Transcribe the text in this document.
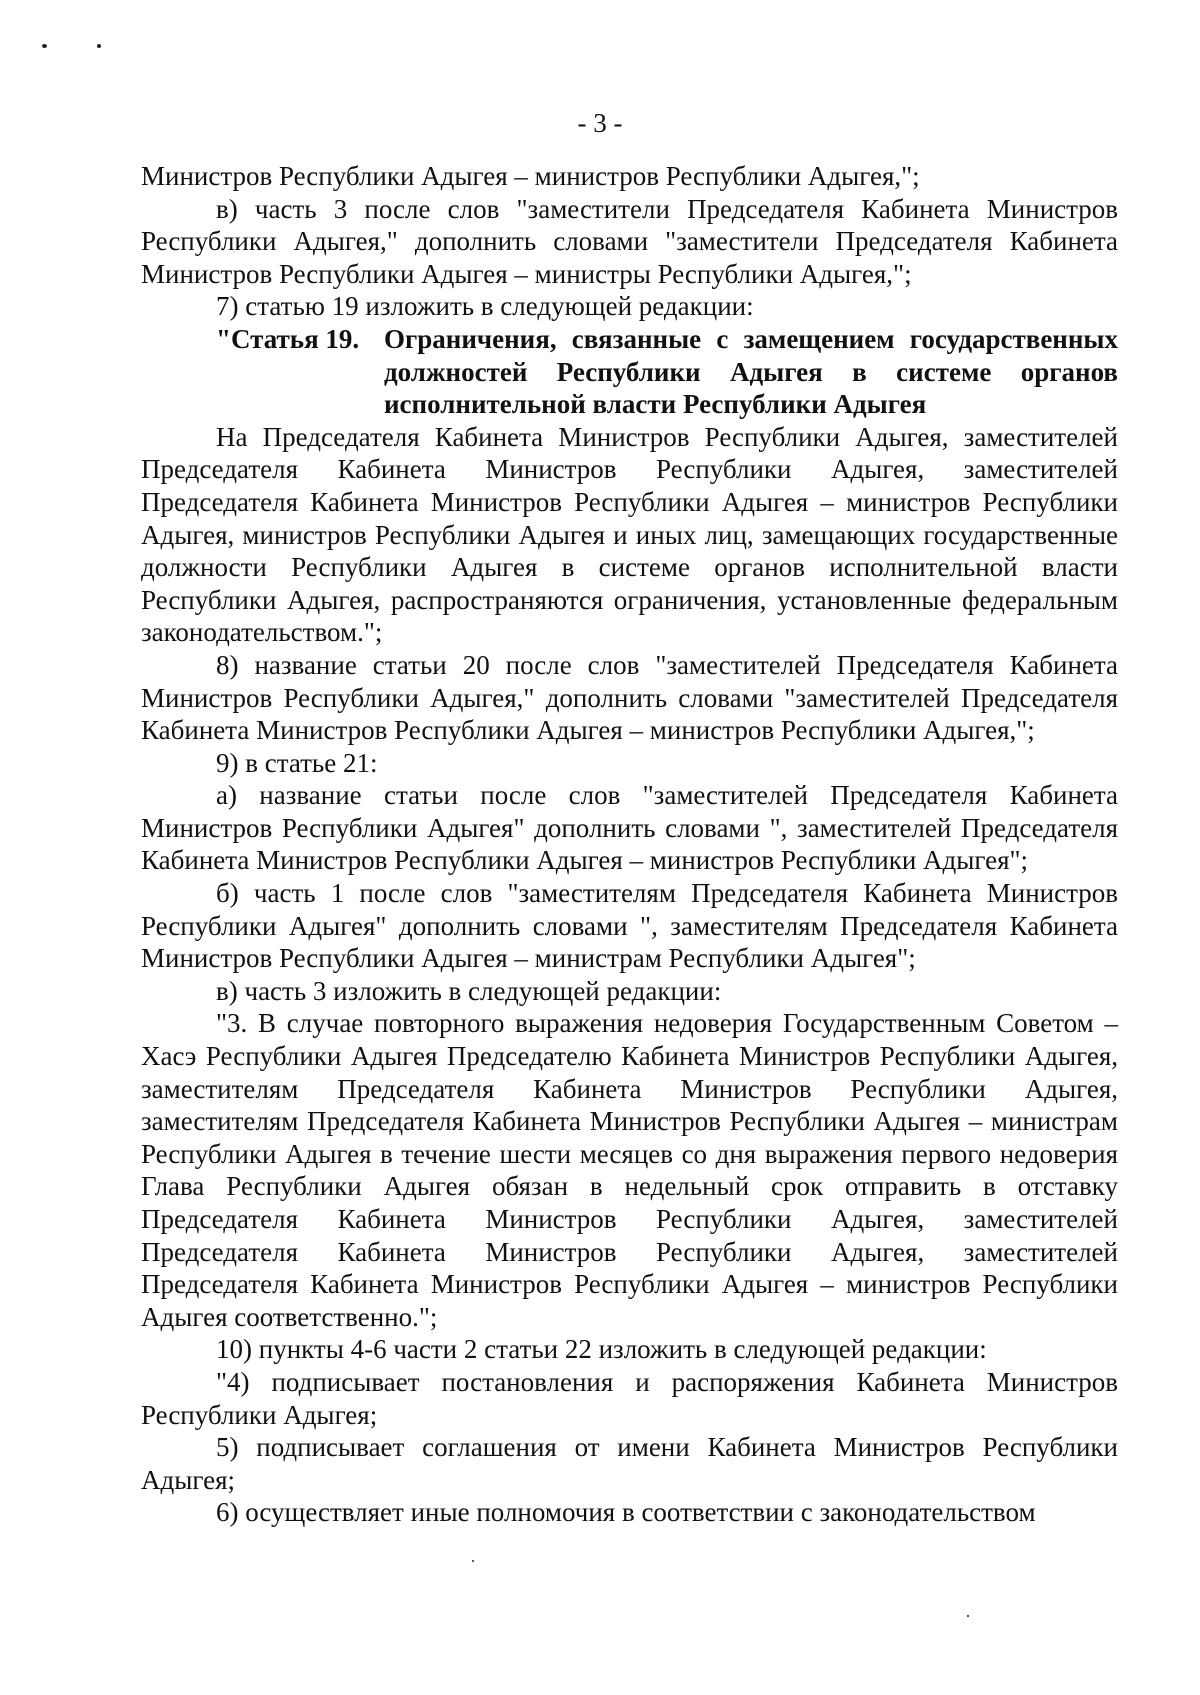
- 3 -

Министров Республики Адыгея – министров Республики Адыгея,";

в) часть 3 после слов "заместители Председателя Кабинета Министров Республики Адыгея," дополнить словами "заместители Председателя Кабинета Министров Республики Адыгея – министры Республики Адыгея,";

7) статью 19 изложить в следующей редакции:

"Статья 19. Ограничения, связанные с замещением государственных должностей Республики Адыгея в системе органов исполнительной власти Республики Адыгея

На Председателя Кабинета Министров Республики Адыгея, заместителей Председателя Кабинета Министров Республики Адыгея, заместителей Председателя Кабинета Министров Республики Адыгея – министров Республики Адыгея, министров Республики Адыгея и иных лиц, замещающих государственные должности Республики Адыгея в системе органов исполнительной власти Республики Адыгея, распространяются ограничения, установленные федеральным законодательством.";

8) название статьи 20 после слов "заместителей Председателя Кабинета Министров Республики Адыгея," дополнить словами "заместителей Председателя Кабинета Министров Республики Адыгея – министров Республики Адыгея,";

9) в статье 21:

а) название статьи после слов "заместителей Председателя Кабинета Министров Республики Адыгея" дополнить словами ", заместителей Председателя Кабинета Министров Республики Адыгея – министров Республики Адыгея";

б) часть 1 после слов "заместителям Председателя Кабинета Министров Республики Адыгея" дополнить словами ", заместителям Председателя Кабинета Министров Республики Адыгея – министрам Республики Адыгея";

в) часть 3 изложить в следующей редакции:

"3. В случае повторного выражения недоверия Государственным Советом – Хасэ Республики Адыгея Председателю Кабинета Министров Республики Адыгея, заместителям Председателя Кабинета Министров Республики Адыгея, заместителям Председателя Кабинета Министров Республики Адыгея – министрам Республики Адыгея в течение шести месяцев со дня выражения первого недоверия Глава Республики Адыгея обязан в недельный срок отправить в отставку Председателя Кабинета Министров Республики Адыгея, заместителей Председателя Кабинета Министров Республики Адыгея, заместителей Председателя Кабинета Министров Республики Адыгея – министров Республики Адыгея соответственно.";

10) пункты 4-6 части 2 статьи 22 изложить в следующей редакции:

"4) подписывает постановления и распоряжения Кабинета Министров Республики Адыгея;

5) подписывает соглашения от имени Кабинета Министров Республики Адыгея;

6) осуществляет иные полномочия в соответствии с законодательством
